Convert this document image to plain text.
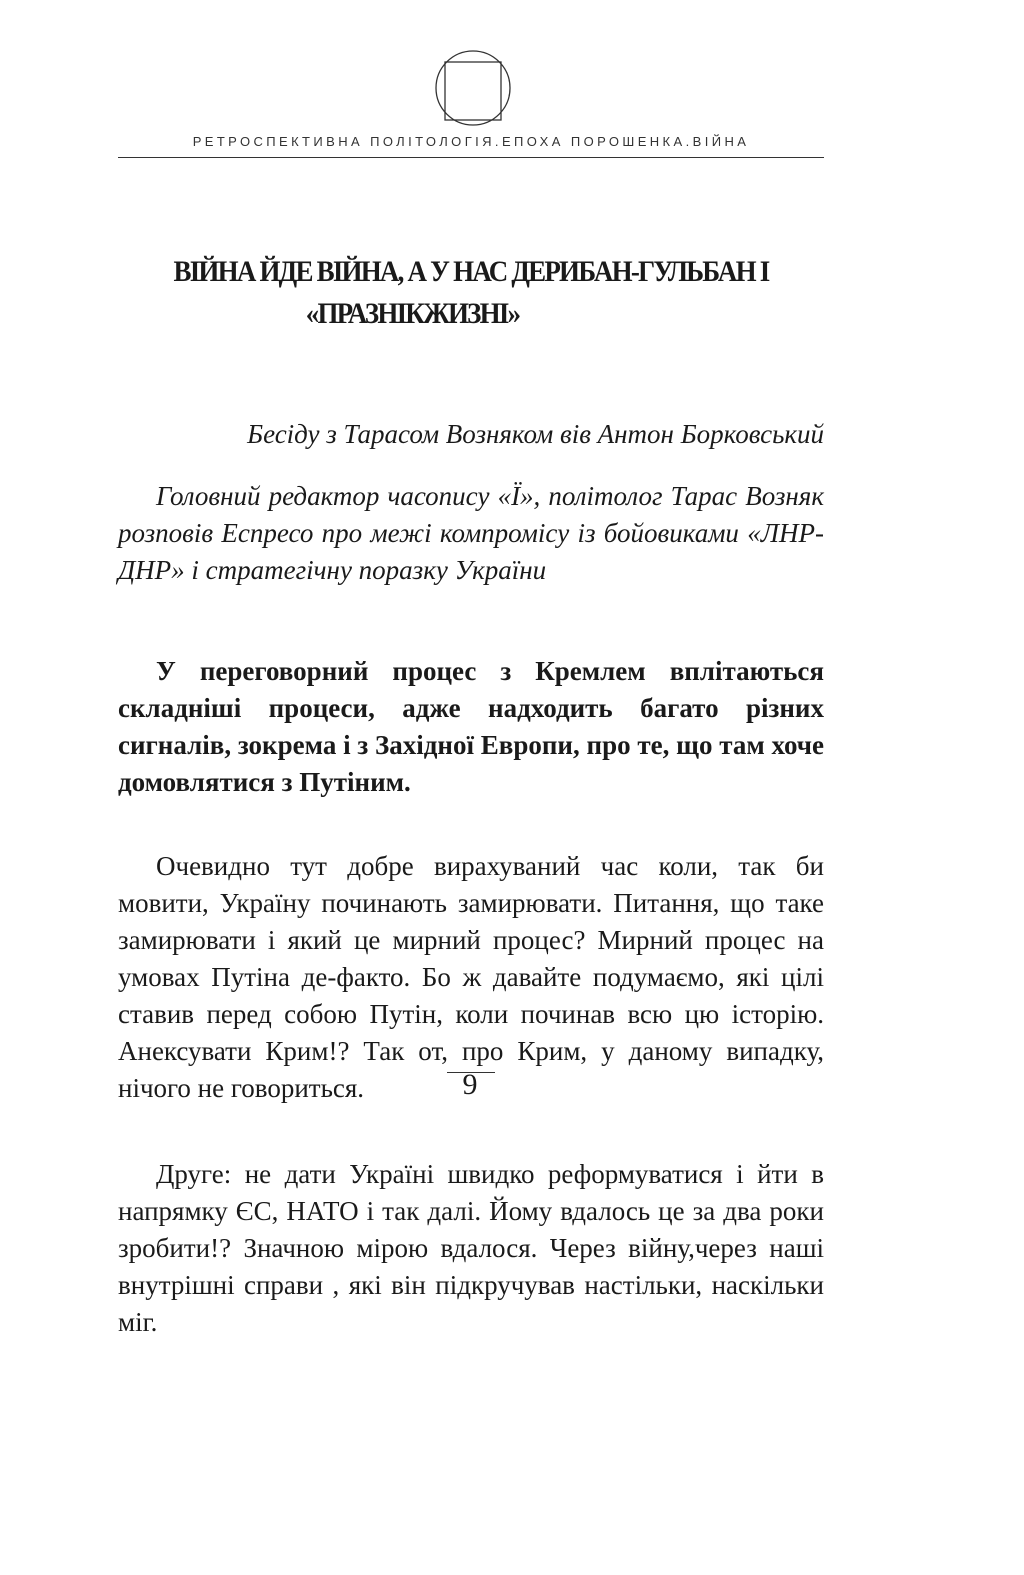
РЕТРОСПЕКТИВНА ПОЛІТОЛОГІЯ.ЕПОХА ПОРОШЕНКА.ВІЙНА
ВІЙНА ЙДЕ ВІЙНА, А У НАС ДЕРИБАН-ГУЛЬБАН І
«ПРАЗНІКЖИЗНІ»

Бесіду з Тарасом Возняком вів Антон Борковський

Головний редактор часопису «Ї», політолог Тарас Возняк розповів Еспресо про межі компромісу із бойовиками «ЛНР-ДНР» і стратегічну поразку України

У переговорний процес з Кремлем вплітаються складніші процеси, адже надходить багато різних сигналів, зокрема і з Західної Европи, про те, що там хоче домовлятися з Путіним.

Очевидно тут добре вирахуваний час коли, так би мовити, Україну починають замирювати. Питання, що таке замирювати і який це мирний процес? Мирний процес на умовах Путіна де-факто. Бо ж давайте подумаємо, які цілі ставив перед собою Путін, коли починав всю цю історію. Анексувати Крим!? Так от, про Крим, у даному випадку, нічого не говориться.

Друге: не дати Україні швидко реформуватися і йти в напрямку ЄС, НАТО і так далі. Йому вдалось це за два роки зробити!? Значною мірою вдалося. Через війну,через наші внутрішні справи , які він підкручував настільки, наскільки міг.

9
